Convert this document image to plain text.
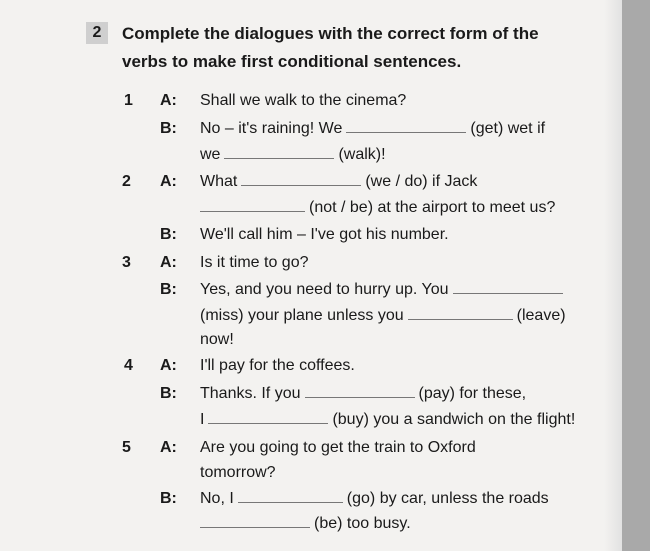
2	Complete the dialogues with the correct form of the
verbs to make first conditional sentences.
1 A: Shall we walk to the cinema?
B: No – it's raining! We	(get) wet if
we	(walk)!
2 A: What	(we / do) if Jack
(not / be) at the airport to meet us?
B: We'll call him – I've got his number.
3 A: Is it time to go?
B: Yes, and you need to hurry up. You
(miss) your plane unless you	(leave)
now!
4 A: I'll pay for the coffees.
B: Thanks. If you	(pay) for these,
I	(buy) you a sandwich on the flight!
5 A: Are you going to get the train to Oxford
tomorrow?
B: No, I	(go) by car, unless the roads
(be) too busy.
